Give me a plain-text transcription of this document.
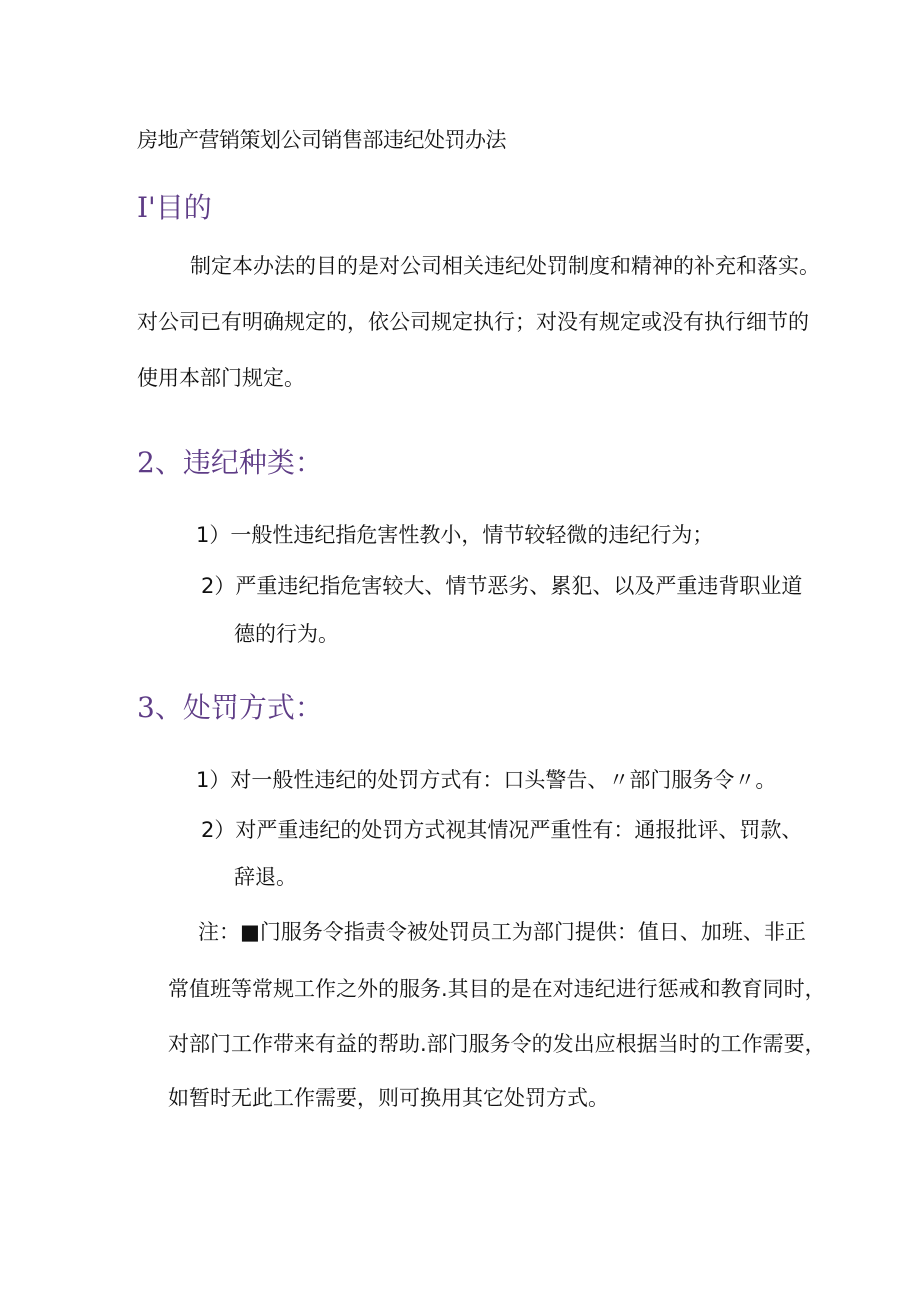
房地产营销策划公司销售部违纪处罚办法
I'目的
制定本办法的目的是对公司相关违纪处罚制度和精神的补充和落实。
对公司已有明确规定的，依公司规定执行；对没有规定或没有执行细节的
使用本部门规定。
2、违纪种类：
1）一般性违纪指危害性教小，情节较轻微的违纪行为；
2）严重违纪指危害较大、情节恶劣、累犯、以及严重违背职业道
德的行为。
3、处罚方式：
1）对一般性违纪的处罚方式有：口头警告、〃部门服务令〃。
2）对严重违纪的处罚方式视其情况严重性有：通报批评、罚款、
辞退。
注：■门服务令指责令被处罚员工为部门提供：值日、加班、非正
常值班等常规工作之外的服务.其目的是在对违纪进行惩戒和教育同时，
对部门工作带来有益的帮助.部门服务令的发出应根据当时的工作需要，
如暂时无此工作需要，则可换用其它处罚方式。
